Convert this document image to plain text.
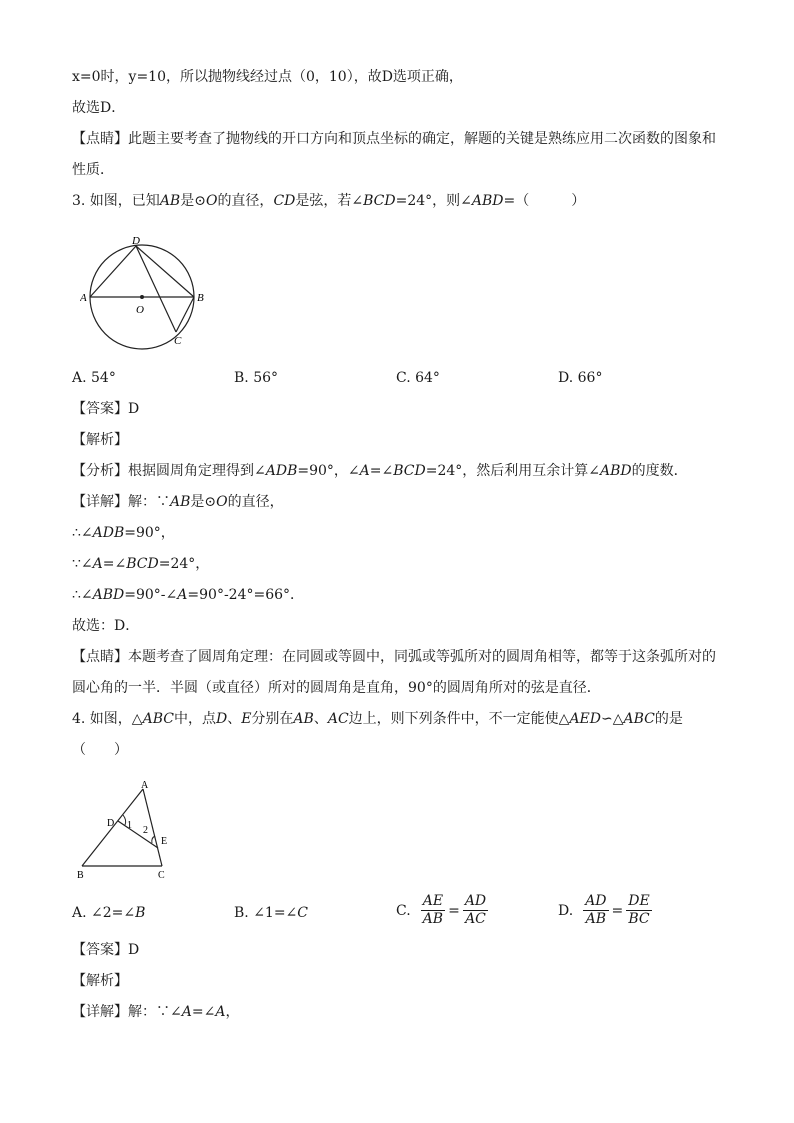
x=0时，y=10，所以抛物线经过点（0，10），故D选项正确，
故选D．
【点睛】此题主要考查了抛物线的开口方向和顶点坐标的确定，解题的关键是熟练应用二次函数的图象和
性质．
3. 如图，已知AB是⊙O的直径，CD是弦，若∠BCD=24°，则∠ABD=（　　　）
D
A
O
B
C
A. 54°	B. 56°	C. 64°	D. 66°
【答案】D
【解析】
【分析】根据圆周角定理得到∠ADB=90°，∠A=∠BCD=24°，然后利用互余计算∠ABD的度数．
【详解】解：∵AB是⊙O的直径，
∴∠ADB=90°，
∵∠A=∠BCD=24°，
∴∠ABD=90°-∠A=90°-24°=66°．
故选：D．
【点睛】本题考查了圆周角定理：在同圆或等圆中，同弧或等弧所对的圆周角相等，都等于这条弧所对的
圆心角的一半．半圆（或直径）所对的圆周角是直角，90°的圆周角所对的弦是直径．
4. 如图，△ABC中，点D、E分别在AB、AC边上，则下列条件中，不一定能使△AED∽△ABC的是
（　　）
A
D 1 2
E
B	C
A. ∠2=∠B	B. ∠1=∠C	C. $\frac{AE}{AB} = \frac{AD}{AC}$	D. $\frac{AD}{AB} = \frac{DE}{BC}$
【答案】D
【解析】
【详解】解：∵∠A=∠A，
